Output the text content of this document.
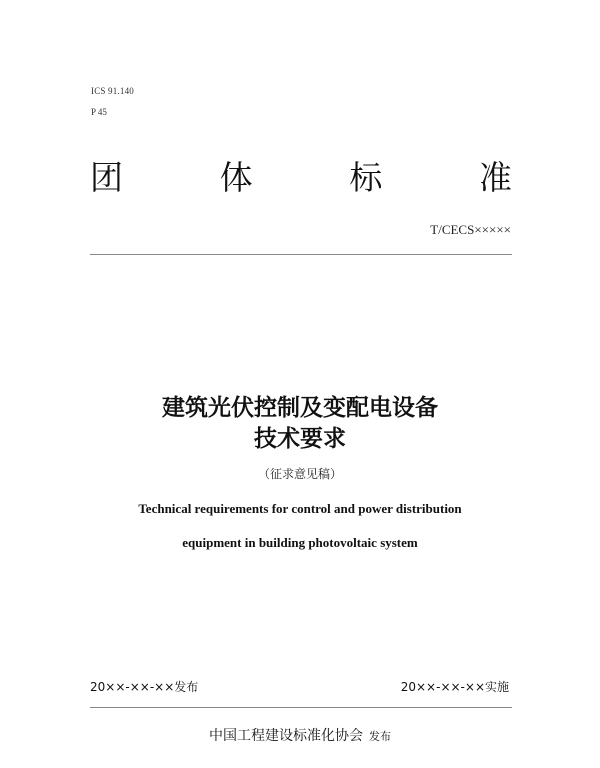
ICS 91.140
P 45
团	体	标	准
T/CECS×××××
建筑光伏控制及变配电设备
技术要求
（征求意见稿）
Technical requirements for control and power distribution
equipment in building photovoltaic system
20××-××-××发布	20××-××-××实施
中国工程建设标准化协会 发布
